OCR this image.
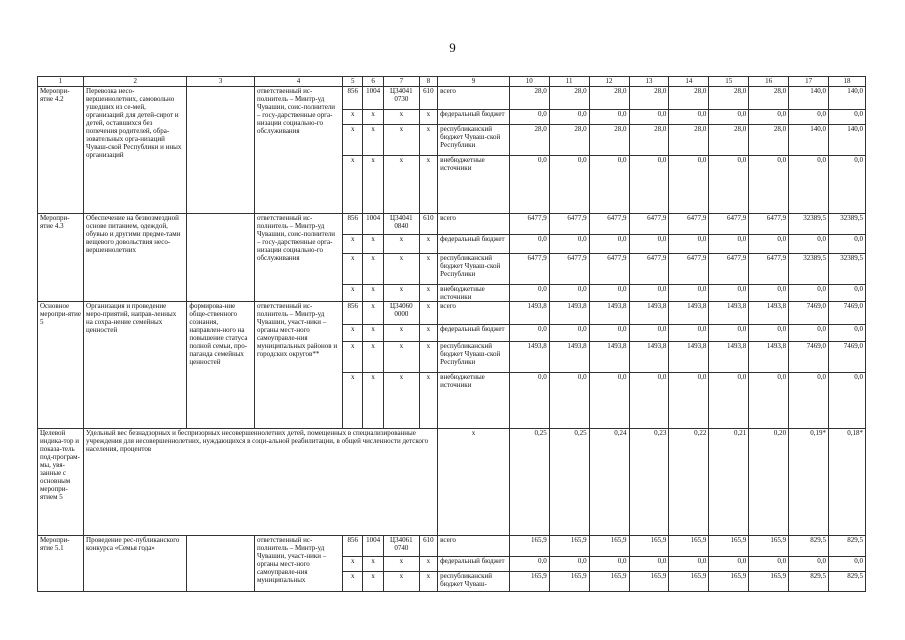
9
1	2	3	4	5	6	7	8	9	10	11	12	13	14	15	16	17	18
Меропри-ятие 4.2	Перевозка несо-вершеннолетних, самовольно ушедших из се-мей, организаций для детей-сирот и детей, оставшихся без попечения родителей, обра-зовательных орга-низаций Чуваш-ской Республики и иных организаций		ответственный ис-полнитель – Минтр-уд Чувашии, соис-полнители – госу-дарственные орга-низации социально-го обслуживания	856	1004	Ц34041 0730	610	всего	28,0	28,0	28,0	28,0	28,0	28,0	28,0	140,0	140,0
				x	x	x	x	федеральный бюджет	0,0	0,0	0,0	0,0	0,0	0,0	0,0	0,0	0,0
				x	x	x	x	республиканский бюджет Чуваш-ской Республики	28,0	28,0	28,0	28,0	28,0	28,0	28,0	140,0	140,0
				x	x	x	x	внебюджетные источники	0,0	0,0	0,0	0,0	0,0	0,0	0,0	0,0	0,0
Меропри-ятие 4.3	Обеспечение на безвозмездной основе питанием, одеждой, обувью и другими предме-тами вещевого довольствия несо-вершеннолетних		ответственный ис-полнитель – Минтр-уд Чувашии, соис-полнители – госу-дарственные орга-низации социально-го обслуживания	856	1004	Ц34041 0840	610	всего	6477,9	6477,9	6477,9	6477,9	6477,9	6477,9	6477,9	32389,5	32389,5
				x	x	x	x	федеральный бюджет	0,0	0,0	0,0	0,0	0,0	0,0	0,0	0,0	0,0
				x	x	x	x	республиканский бюджет Чуваш-ской Республики	6477,9	6477,9	6477,9	6477,9	6477,9	6477,9	6477,9	32389,5	32389,5
				x	x	x	x	внебюджетные источники	0,0	0,0	0,0	0,0	0,0	0,0	0,0	0,0	0,0
Основное меропри-ятие 5	Организация и проведение меро-приятий, направ-ленных на сохра-нение семейных ценностей	формирова-ние обще-ственного сознания, направлен-ного на повышение статуса полной семьи, про-паганда семейных ценностей	ответственный ис-полнитель – Минтр-уд Чувашии, участ-ники – органы мест-ного самоуправле-ния муниципальных районов и городских округов**	856	x	Ц34060 0000	x	всего	1493,8	1493,8	1493,8	1493,8	1493,8	1493,8	1493,8	7469,0	7469,0
				x	x	x	x	федеральный бюджет	0,0	0,0	0,0	0,0	0,0	0,0	0,0	0,0	0,0
				x	x	x	x	республиканский бюджет Чуваш-ской Республики	1493,8	1493,8	1493,8	1493,8	1493,8	1493,8	1493,8	7469,0	7469,0
				x	x	x	x	внебюджетные источники	0,0	0,0	0,0	0,0	0,0	0,0	0,0	0,0	0,0
Целевой индика-тор и показа-тель под-програм-мы, увя-занные с основным меропри-ятием 5	Удельный вес безнадзорных и беспризорных несовершеннолетних детей, помещенных в специализированные учреждения для несовершеннолетних, нуждающихся в соци-альной реабилитации, в общей численности детского населения, процентов							x	0,25	0,25	0,24	0,23	0,22	0,21	0,20	0,19*	0,18*
Меропри-ятие 5.1	Проведение рес-публиканского конкурса «Семья года»		ответственный ис-полнитель – Минтр-уд Чувашии, участ-ники – органы мест-ного самоуправле-ния муниципальных	856	1004	Ц34061 0740	610	всего	165,9	165,9	165,9	165,9	165,9	165,9	165,9	829,5	829,5
				x	x	x	x	федеральный бюджет	0,0	0,0	0,0	0,0	0,0	0,0	0,0	0,0	0,0
				x	x	x	x	республиканский бюджет Чуваш-	165,9	165,9	165,9	165,9	165,9	165,9	165,9	829,5	829,5
